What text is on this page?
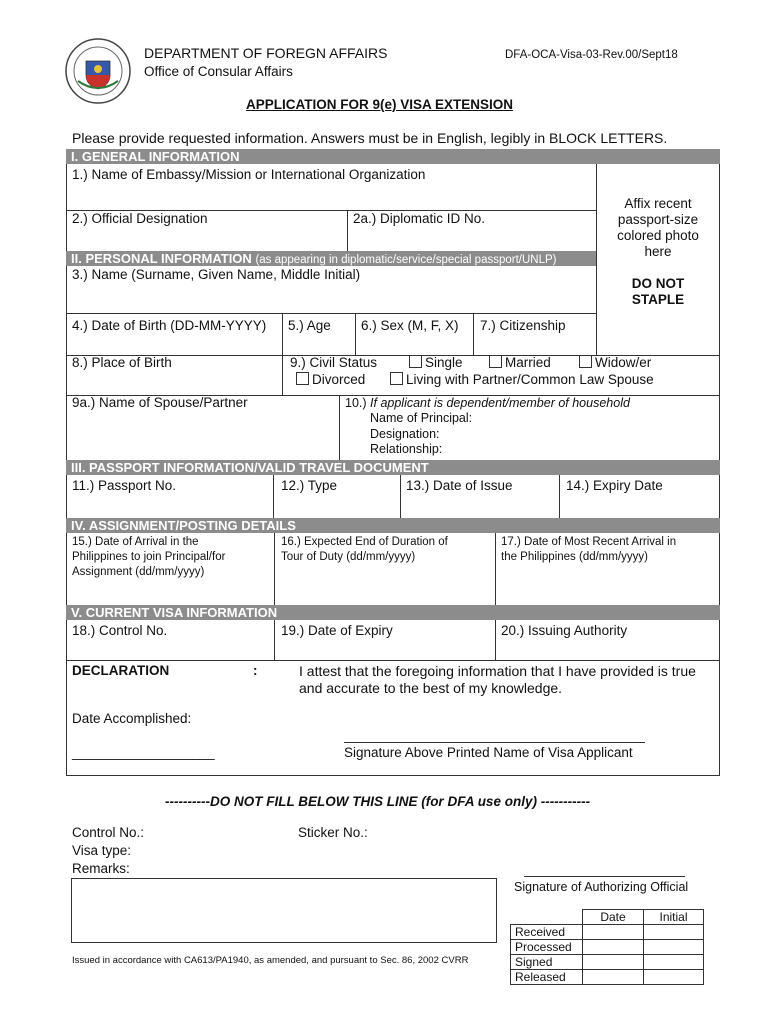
DEPARTMENT OF FOREGN AFFAIRS
Office of Consular Affairs
DFA-OCA-Visa-03-Rev.00/Sept18
APPLICATION FOR 9(e) VISA EXTENSION
Please provide requested information. Answers must be in English, legibly in BLOCK LETTERS.
I. GENERAL INFORMATION
1.) Name of Embassy/Mission or International Organization
2.) Official Designation	2a.) Diplomatic ID No.
Affix recent
passport-size
colored photo
here
DO NOT
STAPLE
II. PERSONAL INFORMATION (as appearing in diplomatic/service/special passport/UNLP)
3.) Name (Surname, Given Name, Middle Initial)
4.) Date of Birth (DD-MM-YYYY) 5.) Age 6.) Sex (M, F, X) 7.) Citizenship
8.) Place of Birth	9.) Civil Status	Single	Married	Widow/er
Divorced	Living with Partner/Common Law Spouse
9a.) Name of Spouse/Partner	10.) If applicant is dependent/member of household
Name of Principal:
Designation:
Relationship:
III. PASSPORT INFORMATION/VALID TRAVEL DOCUMENT
11.) Passport No.	12.) Type	13.) Date of Issue	14.) Expiry Date
IV. ASSIGNMENT/POSTING DETAILS
15.) Date of Arrival in the
Philippines to join Principal/for
Assignment (dd/mm/yyyy)
16.) Expected End of Duration of
Tour of Duty (dd/mm/yyyy)
17.) Date of Most Recent Arrival in
the Philippines (dd/mm/yyyy)
V. CURRENT VISA INFORMATION
18.) Control No.	19.) Date of Expiry	20.) Issuing Authority
DECLARATION	:	I attest that the foregoing information that I have provided is true
and accurate to the best of my knowledge.
Date Accomplished:
___________________	Signature Above Printed Name of Visa Applicant
----------DO NOT FILL BELOW THIS LINE (for DFA use only) -----------
Control No.:	Sticker No.:
Visa type:
Remarks:
Signature of Authorizing Official
	Date	Initial
Received		
Processed		
Signed		
Released		
Issued in accordance with CA613/PA1940, as amended, and pursuant to Sec. 86, 2002 CVRR
